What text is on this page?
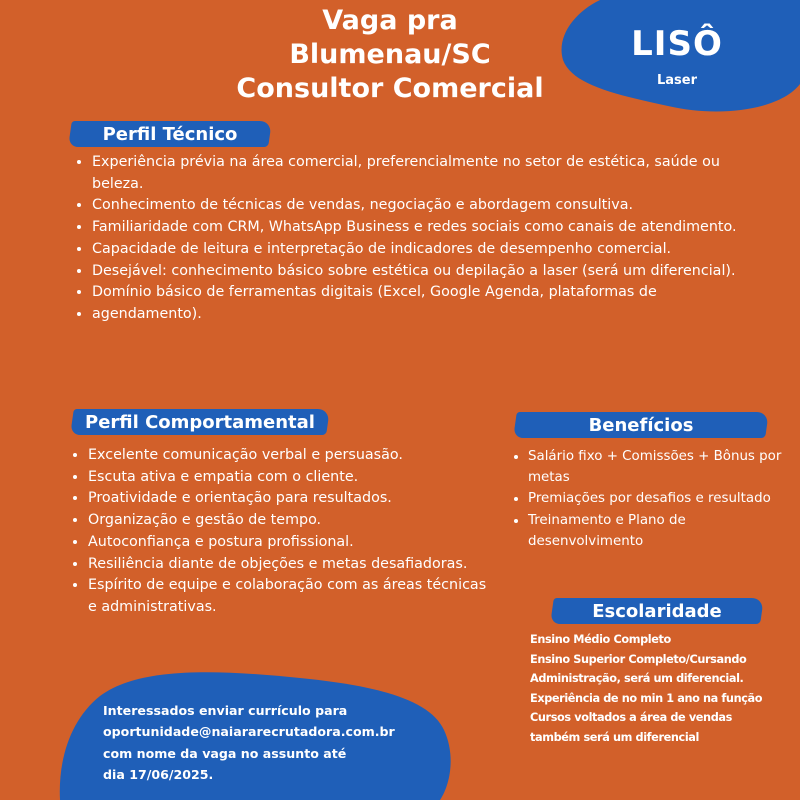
Vaga pra
Blumenau/SC
Consultor Comercial
LISÔ
Laser
Perfil Técnico
• Experiência prévia na área comercial, preferencialmente no setor de estética, saúde ou beleza.
• Conhecimento de técnicas de vendas, negociação e abordagem consultiva.
• Familiaridade com CRM, WhatsApp Business e redes sociais como canais de atendimento.
• Capacidade de leitura e interpretação de indicadores de desempenho comercial.
• Desejável: conhecimento básico sobre estética ou depilação a laser (será um diferencial).
• Domínio básico de ferramentas digitais (Excel, Google Agenda, plataformas de
• agendamento).
Perfil Comportamental
• Excelente comunicação verbal e persuasão.
• Escuta ativa e empatia com o cliente.
• Proatividade e orientação para resultados.
• Organização e gestão de tempo.
• Autoconfiança e postura profissional.
• Resiliência diante de objeções e metas desafiadoras.
• Espírito de equipe e colaboração com as áreas técnicas e administrativas.
Benefícios
• Salário fixo + Comissões + Bônus por metas
• Premiações por desafios e resultado
• Treinamento e Plano de desenvolvimento
Escolaridade
Ensino Médio Completo
Ensino Superior Completo/Cursando
Administração, será um diferencial.
Experiência de no min 1 ano na função
Cursos voltados a área de vendas
também será um diferencial
Interessados enviar currículo para
oportunidade@naiararecrutadora.com.br
com nome da vaga no assunto até
dia 17/06/2025.
